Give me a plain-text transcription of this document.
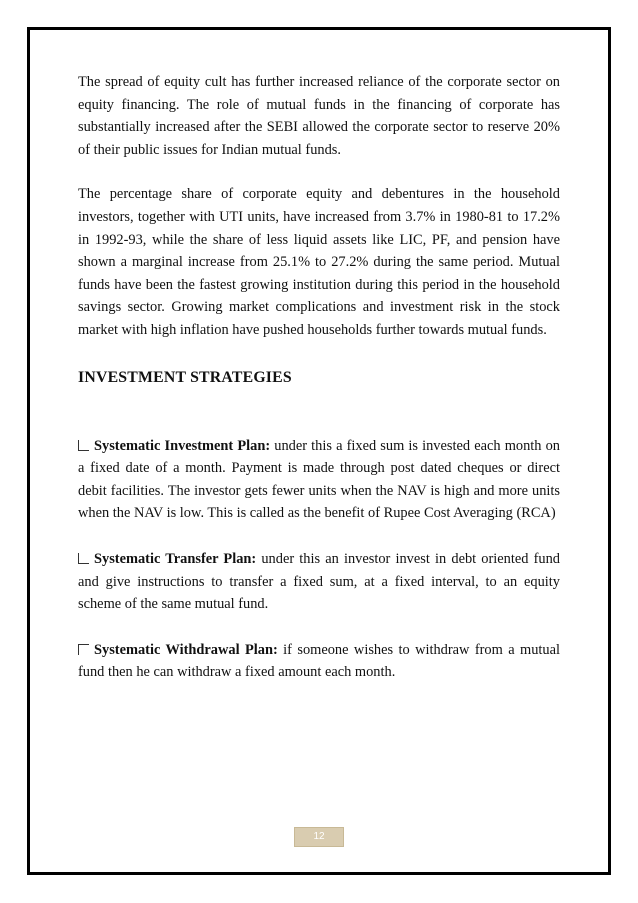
The spread of equity cult has further increased reliance of the corporate sector on equity financing. The role of mutual funds in the financing of corporate has substantially increased after the SEBI allowed the corporate sector to reserve 20% of their public issues for Indian mutual funds.

The percentage share of corporate equity and debentures in the household investors, together with UTI units, have increased from 3.7% in 1980-81 to 17.2% in 1992-93, while the share of less liquid assets like LIC, PF, and pension have shown a marginal increase from 25.1% to 27.2% during the same period. Mutual funds have been the fastest growing institution during this period in the household savings sector. Growing market complications and investment risk in the stock market with high inflation have pushed households further towards mutual funds.

INVESTMENT STRATEGIES

Systematic Investment Plan: under this a fixed sum is invested each month on a fixed date of a month. Payment is made through post dated cheques or direct debit facilities. The investor gets fewer units when the NAV is high and more units when the NAV is low. This is called as the benefit of Rupee Cost Averaging (RCA)

Systematic Transfer Plan: under this an investor invest in debt oriented fund and give instructions to transfer a fixed sum, at a fixed interval, to an equity scheme of the same mutual fund.

Systematic Withdrawal Plan: if someone wishes to withdraw from a mutual fund then he can withdraw a fixed amount each month.

12
